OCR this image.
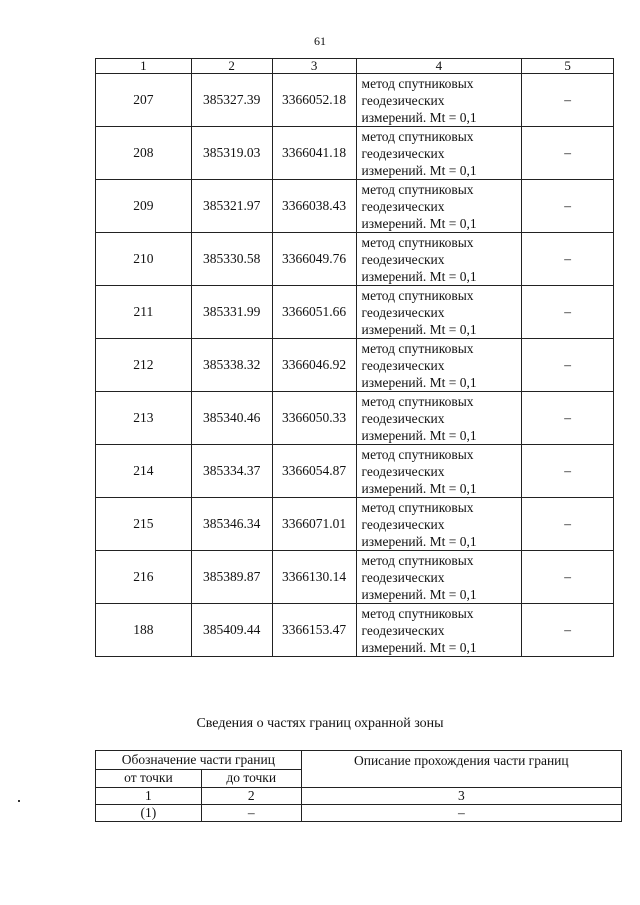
61
1	2	3	4	5
207	385327.39	3366052.18	метод спутниковых
геодезических
измерений. Mt = 0,1	–
208	385319.03	3366041.18	метод спутниковых
геодезических
измерений. Mt = 0,1	–
209	385321.97	3366038.43	метод спутниковых
геодезических
измерений. Mt = 0,1	–
210	385330.58	3366049.76	метод спутниковых
геодезических
измерений. Mt = 0,1	–
211	385331.99	3366051.66	метод спутниковых
геодезических
измерений. Mt = 0,1	–
212	385338.32	3366046.92	метод спутниковых
геодезических
измерений. Mt = 0,1	–
213	385340.46	3366050.33	метод спутниковых
геодезических
измерений. Mt = 0,1	–
214	385334.37	3366054.87	метод спутниковых
геодезических
измерений. Mt = 0,1	–
215	385346.34	3366071.01	метод спутниковых
геодезических
измерений. Mt = 0,1	–
216	385389.87	3366130.14	метод спутниковых
геодезических
измерений. Mt = 0,1	–
188	385409.44	3366153.47	метод спутниковых
геодезических
измерений. Mt = 0,1	–
Сведения о частях границ охранной зоны
Обозначение части границ		Описание прохождения части границ
от точки	до точки	
1	2	3
(1)	–	–
